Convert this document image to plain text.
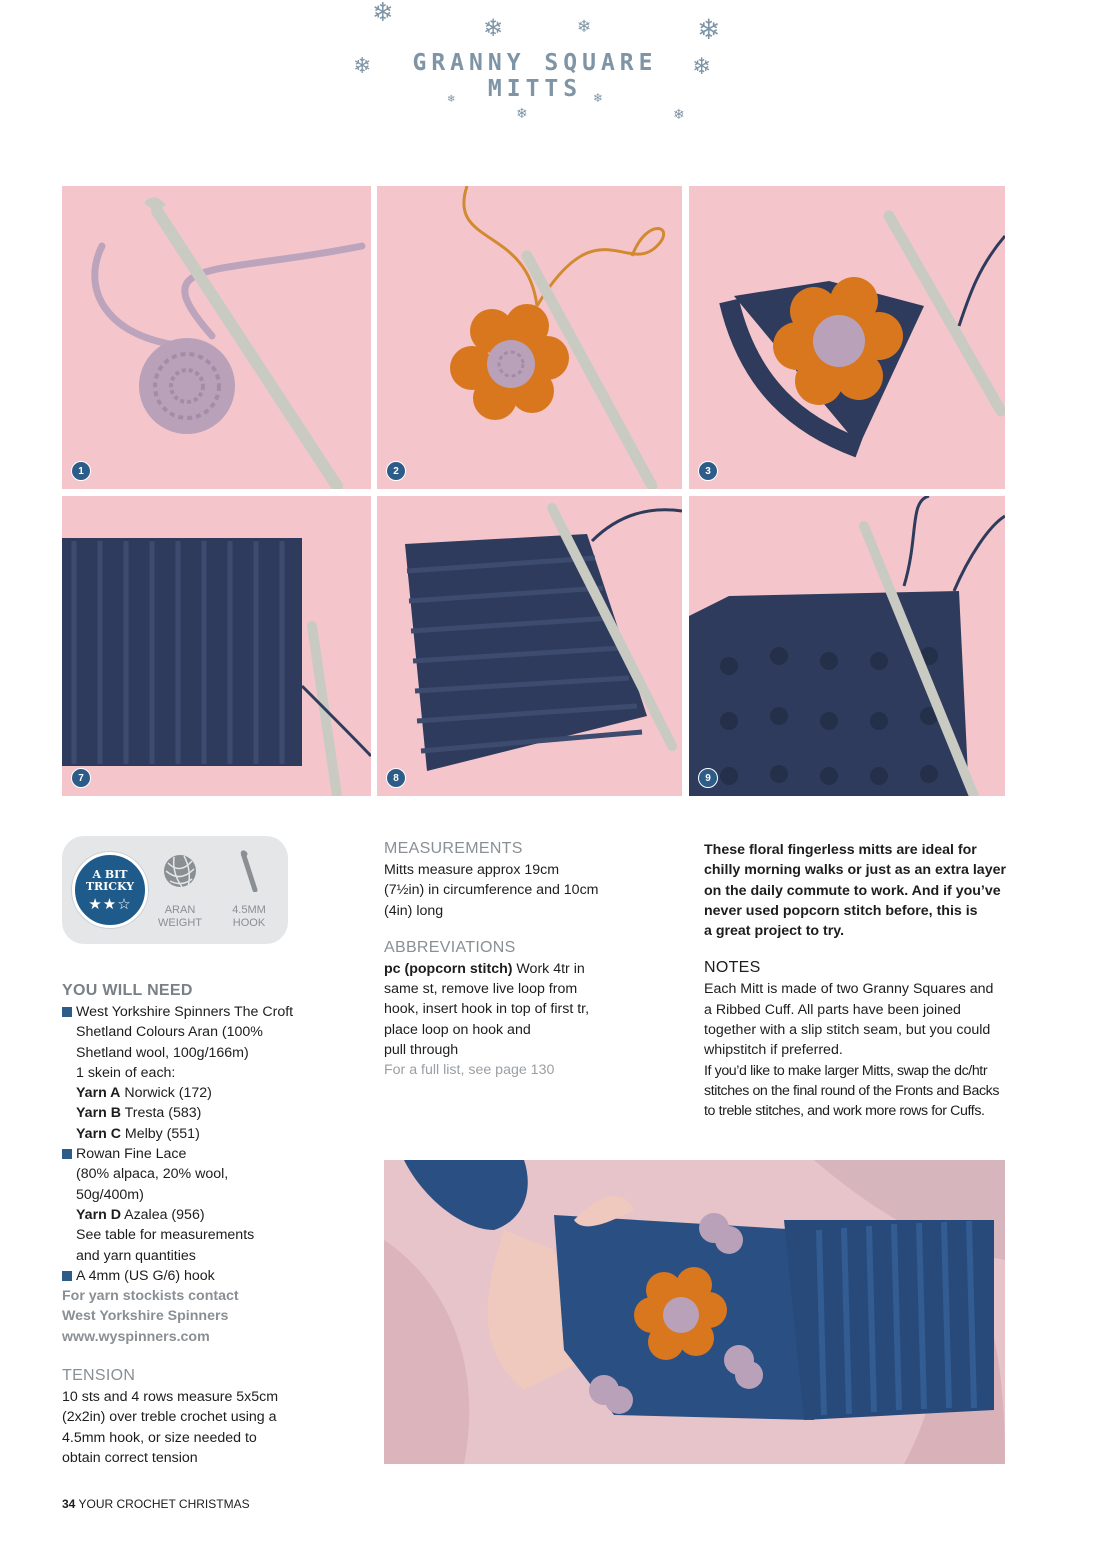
❄	❄	❄	❄
❄	❄
❄	❄
❄	❄
GRANNY SQUARE MITTS
1	2	3
7	8	9
A BIT
TRICKY
★★☆	ARAN
WEIGHT
4.5MM
HOOK
YOU WILL NEED
West Yorkshire Spinners The Croft
Shetland Colours Aran (100%
Shetland wool, 100g/166m)
1 skein of each:
Yarn A Norwick (172)
Yarn B Tresta (583)
Yarn C Melby (551)
Rowan Fine Lace
(80% alpaca, 20% wool,
50g/400m)
Yarn D Azalea (956)
See table for measurements
and yarn quantities
A 4mm (US G/6) hook
For yarn stockists contact
West Yorkshire Spinners
www.wyspinners.com
TENSION
10 sts and 4 rows measure 5x5cm
(2x2in) over treble crochet using a
4.5mm hook, or size needed to
obtain correct tension
MEASUREMENTS
Mitts measure approx 19cm
(7½in) in circumference and 10cm
(4in) long
ABBREVIATIONS
pc (popcorn stitch) Work 4tr in
same st, remove live loop from
hook, insert hook in top of first tr,
place loop on hook and
pull through
For a full list, see page 130
These floral fingerless mitts are ideal for
chilly morning walks or just as an extra layer
on the daily commute to work. And if you’ve
never used popcorn stitch before, this is
a great project to try.
NOTES
Each Mitt is made of two Granny Squares and
a Ribbed Cuff. All parts have been joined
together with a slip stitch seam, but you could
whipstitch if preferred.
If you’d like to make larger Mitts, swap the dc/htr
stitches on the final round of the Fronts and Backs
to treble stitches, and work more rows for Cuffs.
34 YOUR CROCHET CHRISTMAS
